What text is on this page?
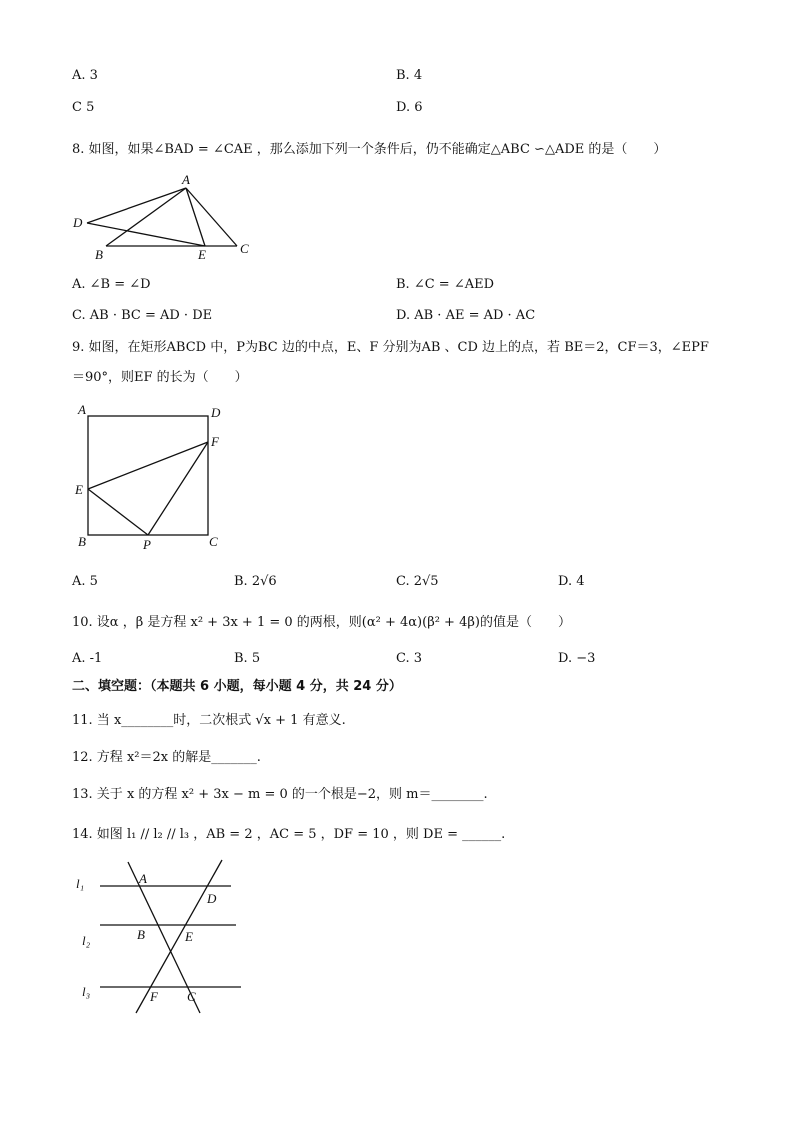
A. 3	B. 4
C 5	D. 6
8. 如图，如果∠BAD = ∠CAE ，那么添加下列一个条件后，仍不能确定△ABC ∽△ADE 的是（　　）
A
D
B	E	C
A. ∠B = ∠D	B. ∠C = ∠AED
C. AB · BC = AD · DE	D. AB · AE = AD · AC
9. 如图，在矩形ABCD 中，P为BC 边的中点，E、F 分别为AB 、CD 边上的点，若 BE＝2，CF＝3，∠EPF
＝90°，则EF 的长为（　　）
A	D
F
E
B	P	C
A. 5	B. 2√6	C. 2√5	D. 4
10. 设α ，β 是方程 x² + 3x + 1 = 0 的两根，则(α² + 4α)(β² + 4β)的值是（　　）
A. -1	B. 5	C. 3	D. −3
二、填空题：（本题共 6 小题，每小题 4 分，共 24 分）
11. 当 x________时，二次根式 √x + 1 有意义.
12. 方程 x²＝2x 的解是_______.
13. 关于 x 的方程 x² + 3x − m = 0 的一个根是−2，则 m＝________.
14. 如图 l₁ // l₂ // l₃ ，AB = 2 ，AC = 5 ，DF = 10 ，则 DE = ______.
l₁
l₂
l₃
A
D
B	E
F C
